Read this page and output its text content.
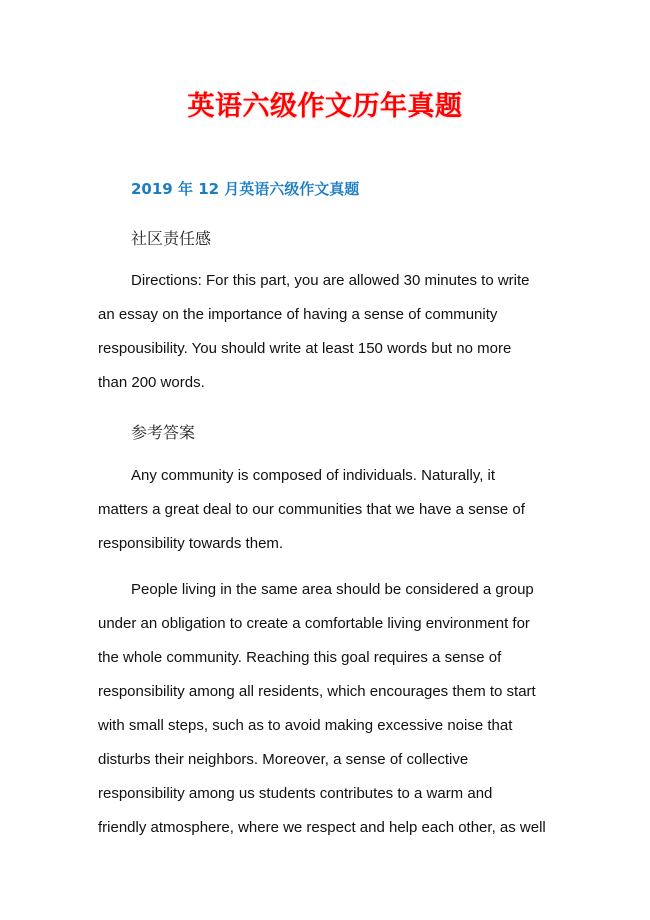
英语六级作文历年真题
2019 年 12 月英语六级作文真题
社区责任感
Directions: For this part, you are allowed 30 minutes to write
an essay on the importance of having a sense of community
respousibility. You should write at least 150 words but no more
than 200 words.
参考答案
Any community is composed of individuals. Naturally, it
matters a great deal to our communities that we have a sense of
responsibility towards them.
People living in the same area should be considered a group
under an obligation to create a comfortable living environment for
the whole community. Reaching this goal requires a sense of
responsibility among all residents, which encourages them to start
with small steps, such as to avoid making excessive noise that
disturbs their neighbors. Moreover, a sense of collective
responsibility among us students contributes to a warm and
friendly atmosphere, where we respect and help each other, as well
